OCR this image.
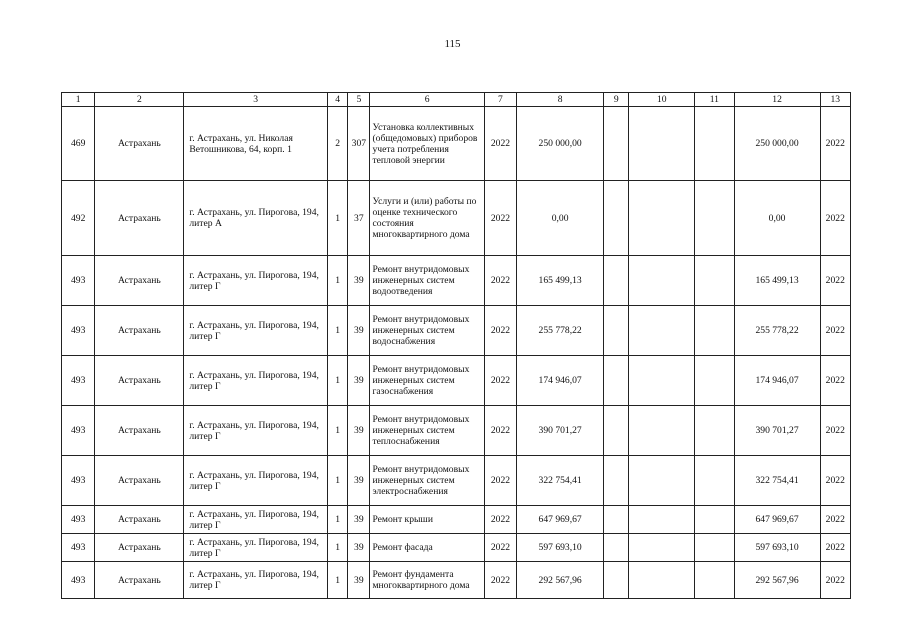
115
1	2	3	4	5	6	7	8	9	10	11	12	13
469	Астрахань	г. Астрахань, ул. Николая Ветошникова, 64, корп. 1	2	307	Установка коллективных (общедомовых) приборов учета потребления тепловой энергии	2022	250 000,00				250 000,00	2022
492	Астрахань	г. Астрахань, ул. Пирогова, 194, литер А	1	37	Услуги и (или) работы по оценке технического состояния многоквартирного дома	2022	0,00				0,00	2022
493	Астрахань	г. Астрахань, ул. Пирогова, 194, литер Г	1	39	Ремонт внутридомовых инженерных систем водоотведения	2022	165 499,13				165 499,13	2022
493	Астрахань	г. Астрахань, ул. Пирогова, 194, литер Г	1	39	Ремонт внутридомовых инженерных систем водоснабжения	2022	255 778,22				255 778,22	2022
493	Астрахань	г. Астрахань, ул. Пирогова, 194, литер Г	1	39	Ремонт внутридомовых инженерных систем газоснабжения	2022	174 946,07				174 946,07	2022
493	Астрахань	г. Астрахань, ул. Пирогова, 194, литер Г	1	39	Ремонт внутридомовых инженерных систем теплоснабжения	2022	390 701,27				390 701,27	2022
493	Астрахань	г. Астрахань, ул. Пирогова, 194, литер Г	1	39	Ремонт внутридомовых инженерных систем электроснабжения	2022	322 754,41				322 754,41	2022
493	Астрахань	г. Астрахань, ул. Пирогова, 194, литер Г	1	39	Ремонт крыши	2022	647 969,67				647 969,67	2022
493	Астрахань	г. Астрахань, ул. Пирогова, 194, литер Г	1	39	Ремонт фасада	2022	597 693,10				597 693,10	2022
493	Астрахань	г. Астрахань, ул. Пирогова, 194, литер Г	1	39	Ремонт фундамента многоквартирного дома	2022	292 567,96				292 567,96	2022
